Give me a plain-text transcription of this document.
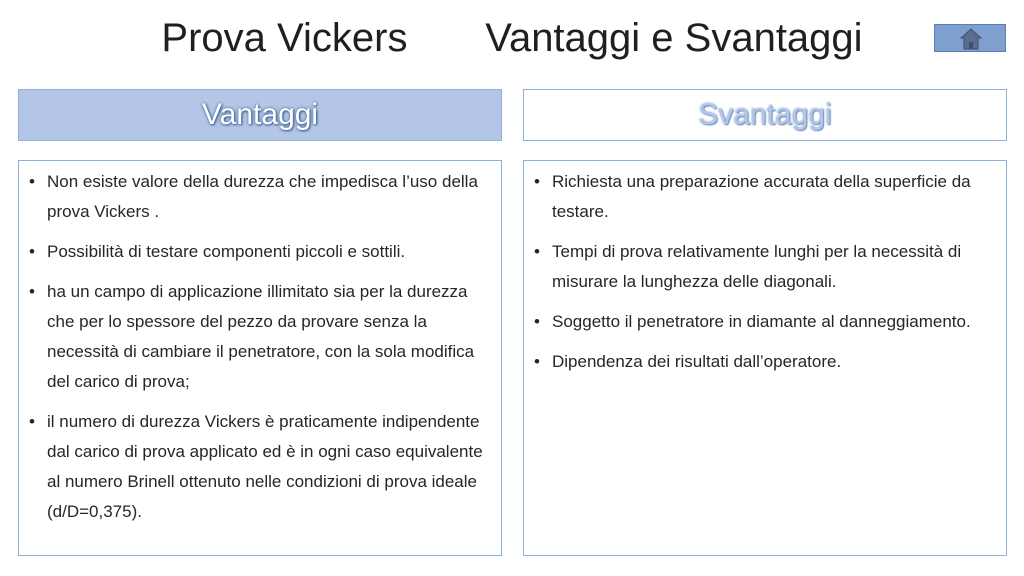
Prova Vickers       Vantaggi e Svantaggi
Vantaggi	Svantaggi
• Non esiste valore della durezza che impedisca l’uso della prova Vickers .
• Possibilità di testare componenti piccoli e sottili.
• ha un campo di applicazione illimitato sia per la durezza che per lo spessore del pezzo da provare senza la necessità di cambiare il penetratore, con la sola modifica del carico di prova;
• il numero di durezza Vickers è praticamente indipendente dal carico di prova applicato ed è in ogni caso equivalente al numero Brinell ottenuto nelle condizioni di prova ideale (d/D=0,375).
• Richiesta una preparazione accurata della superficie da testare.
• Tempi di prova relativamente lunghi per la necessità di misurare la lunghezza delle diagonali.
• Soggetto il penetratore in diamante al danneggiamento.
• Dipendenza dei risultati dall’operatore.
